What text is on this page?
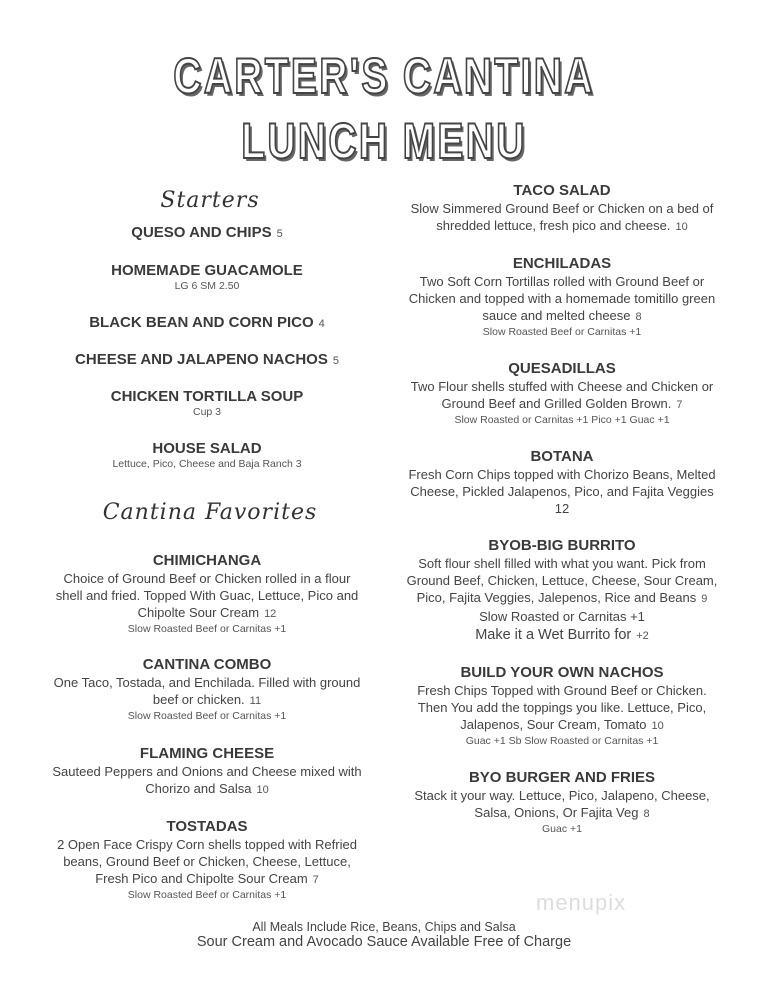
CARTER'S CANTINA
LUNCH MENU
Starters
Cantina Favorites
QUESO AND CHIPS 5
HOMEMADE GUACAMOLE
LG 6 SM 2.50
BLACK BEAN AND CORN PICO 4
CHEESE AND JALAPENO NACHOS 5
CHICKEN TORTILLA SOUP
Cup 3
HOUSE SALAD
Lettuce, Pico, Cheese and Baja Ranch 3
CHIMICHANGA
Choice of Ground Beef or Chicken rolled in a flour
shell and fried. Topped With Guac, Lettuce, Pico and
Chipolte Sour Cream 12
Slow Roasted Beef or Carnitas +1
CANTINA COMBO
One Taco, Tostada, and Enchilada. Filled with ground
beef or chicken. 11
Slow Roasted Beef or Carnitas +1
FLAMING CHEESE
Sauteed Peppers and Onions and Cheese mixed with
Chorizo and Salsa 10
TOSTADAS
2 Open Face Crispy Corn shells topped with Refried
beans, Ground Beef or Chicken, Cheese, Lettuce,
Fresh Pico and Chipolte Sour Cream 7
Slow Roasted Beef or Carnitas +1
TACO SALAD
Slow Simmered Ground Beef or Chicken on a bed of
shredded lettuce, fresh pico and cheese. 10
ENCHILADAS
Two Soft Corn Tortillas rolled with Ground Beef or
Chicken and topped with a homemade tomitillo green
sauce and melted cheese 8
Slow Roasted Beef or Carnitas +1
QUESADILLAS
Two Flour shells stuffed with Cheese and Chicken or
Ground Beef and Grilled Golden Brown. 7
Slow Roasted or Carnitas +1 Pico +1 Guac +1
BOTANA
Fresh Corn Chips topped with Chorizo Beans, Melted
Cheese, Pickled Jalapenos, Pico, and Fajita Veggies
12
BYOB-BIG BURRITO
Soft flour shell filled with what you want. Pick from
Ground Beef, Chicken, Lettuce, Cheese, Sour Cream,
Pico, Fajita Veggies, Jalepenos, Rice and Beans 9
Slow Roasted or Carnitas +1
Make it a Wet Burrito for +2
BUILD YOUR OWN NACHOS
Fresh Chips Topped with Ground Beef or Chicken.
Then You add the toppings you like. Lettuce, Pico,
Jalapenos, Sour Cream, Tomato 10
Guac +1 Sb Slow Roasted or Carnitas +1
BYO BURGER AND FRIES
Stack it your way. Lettuce, Pico, Jalapeno, Cheese,
Salsa, Onions, Or Fajita Veg 8
Guac +1
All Meals Include Rice, Beans, Chips and Salsa
Sour Cream and Avocado Sauce Available Free of Charge
menupix
